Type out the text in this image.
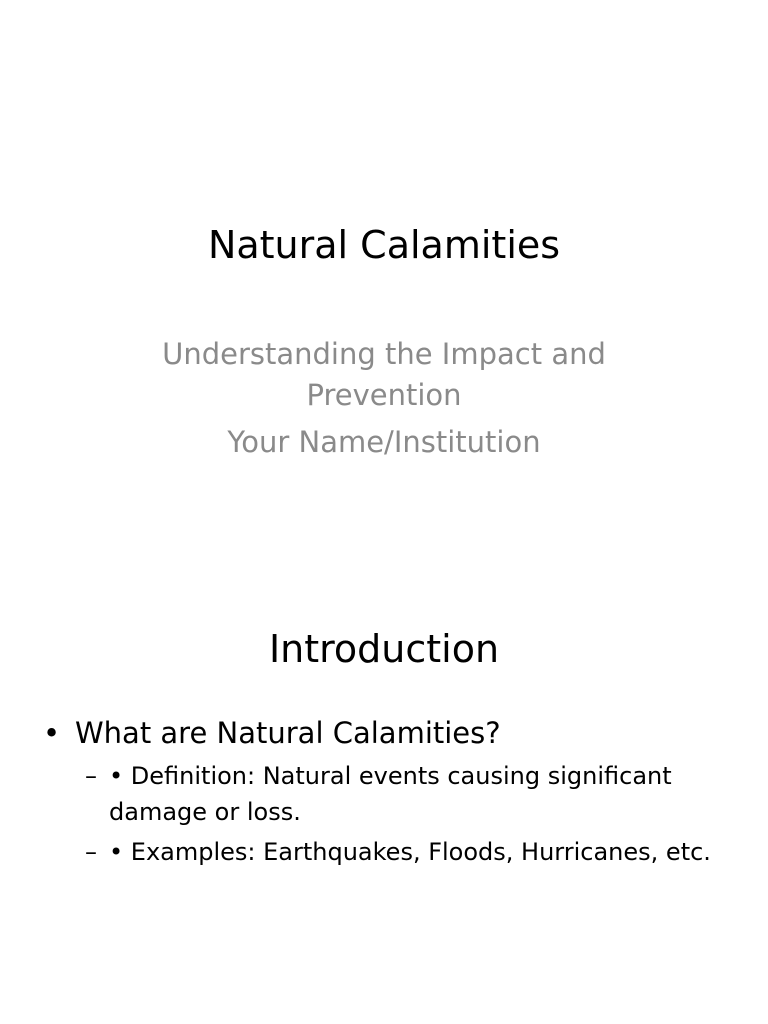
Natural Calamities
Understanding the Impact and Prevention
Your Name/Institution
Introduction
• What are Natural Calamities?
– • Definition: Natural events causing significant damage or loss.
– • Examples: Earthquakes, Floods, Hurricanes, etc.
